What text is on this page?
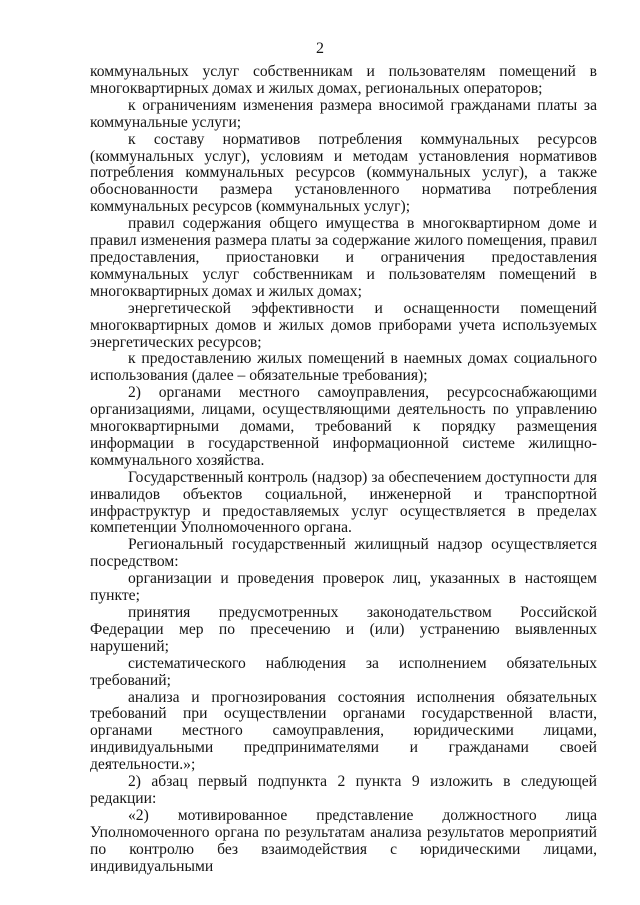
2

коммунальных услуг собственникам и пользователям помещений в многоквартирных домах и жилых домах, региональных операторов;

к ограничениям изменения размера вносимой гражданами платы за коммунальные услуги;

к составу нормативов потребления коммунальных ресурсов (коммунальных услуг), условиям и методам установления нормативов потребления коммунальных ресурсов (коммунальных услуг), а также обоснованности размера установленного норматива потребления коммунальных ресурсов (коммунальных услуг);

правил содержания общего имущества в многоквартирном доме и правил изменения размера платы за содержание жилого помещения, правил предоставления, приостановки и ограничения предоставления коммунальных услуг собственникам и пользователям помещений в многоквартирных домах и жилых домах;

энергетической эффективности и оснащенности помещений многоквартирных домов и жилых домов приборами учета используемых энергетических ресурсов;

к предоставлению жилых помещений в наемных домах социального использования (далее – обязательные требования);

2) органами местного самоуправления, ресурсоснабжающими организациями, лицами, осуществляющими деятельность по управлению многоквартирными домами, требований к порядку размещения информации в государственной информационной системе жилищно-коммунального хозяйства.

Государственный контроль (надзор) за обеспечением доступности для инвалидов объектов социальной, инженерной и транспортной инфраструктур и предоставляемых услуг осуществляется в пределах компетенции Уполномоченного органа.

Региональный государственный жилищный надзор осуществляется посредством:

организации и проведения проверок лиц, указанных в настоящем пункте;

принятия предусмотренных законодательством Российской Федерации мер по пресечению и (или) устранению выявленных нарушений;

систематического наблюдения за исполнением обязательных требований;

анализа и прогнозирования состояния исполнения обязательных требований при осуществлении органами государственной власти, органами местного самоуправления, юридическими лицами, индивидуальными предпринимателями и гражданами своей деятельности.»;

2) абзац первый подпункта 2 пункта 9 изложить в следующей редакции:

«2) мотивированное представление должностного лица Уполномоченного органа по результатам анализа результатов мероприятий по контролю без взаимодействия с юридическими лицами, индивидуальными
